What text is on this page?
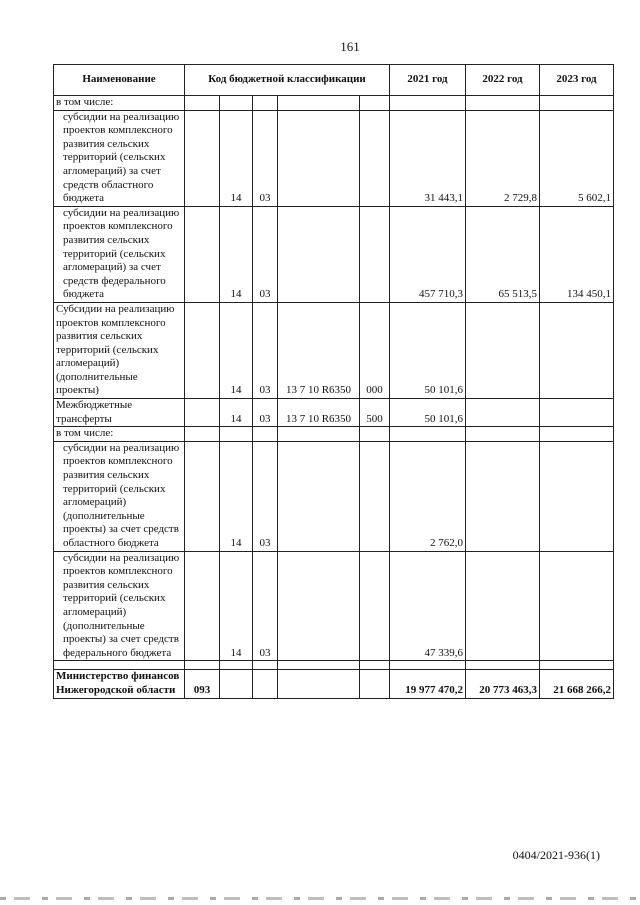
161
Наименование	Код бюджетной классификации					2021 год	2022 год	2023 год
в том числе:								
субсидии на реализацию проектов комплексного развития сельских территорий (сельских агломераций) за счет средств областного бюджета		14	03			31 443,1	2 729,8	5 602,1
субсидии на реализацию проектов комплексного развития сельских территорий (сельских агломераций) за счет средств федерального бюджета		14	03			457 710,3	65 513,5	134 450,1
Субсидии на реализацию проектов комплексного развития сельских территорий (сельских агломераций) (дополнительные проекты)		14	03	13 7 10 R6350	000	50 101,6		
Межбюджетные трансферты		14	03	13 7 10 R6350	500	50 101,6		
в том числе:								
субсидии на реализацию проектов комплексного развития сельских территорий (сельских агломераций) (дополнительные проекты) за счет средств областного бюджета		14	03			2 762,0		
субсидии на реализацию проектов комплексного развития сельских территорий (сельских агломераций) (дополнительные проекты) за счет средств федерального бюджета		14	03			47 339,6		

Министерство финансов Нижегородской области	093					19 977 470,2	20 773 463,3	21 668 266,2
0404/2021-936(1)
